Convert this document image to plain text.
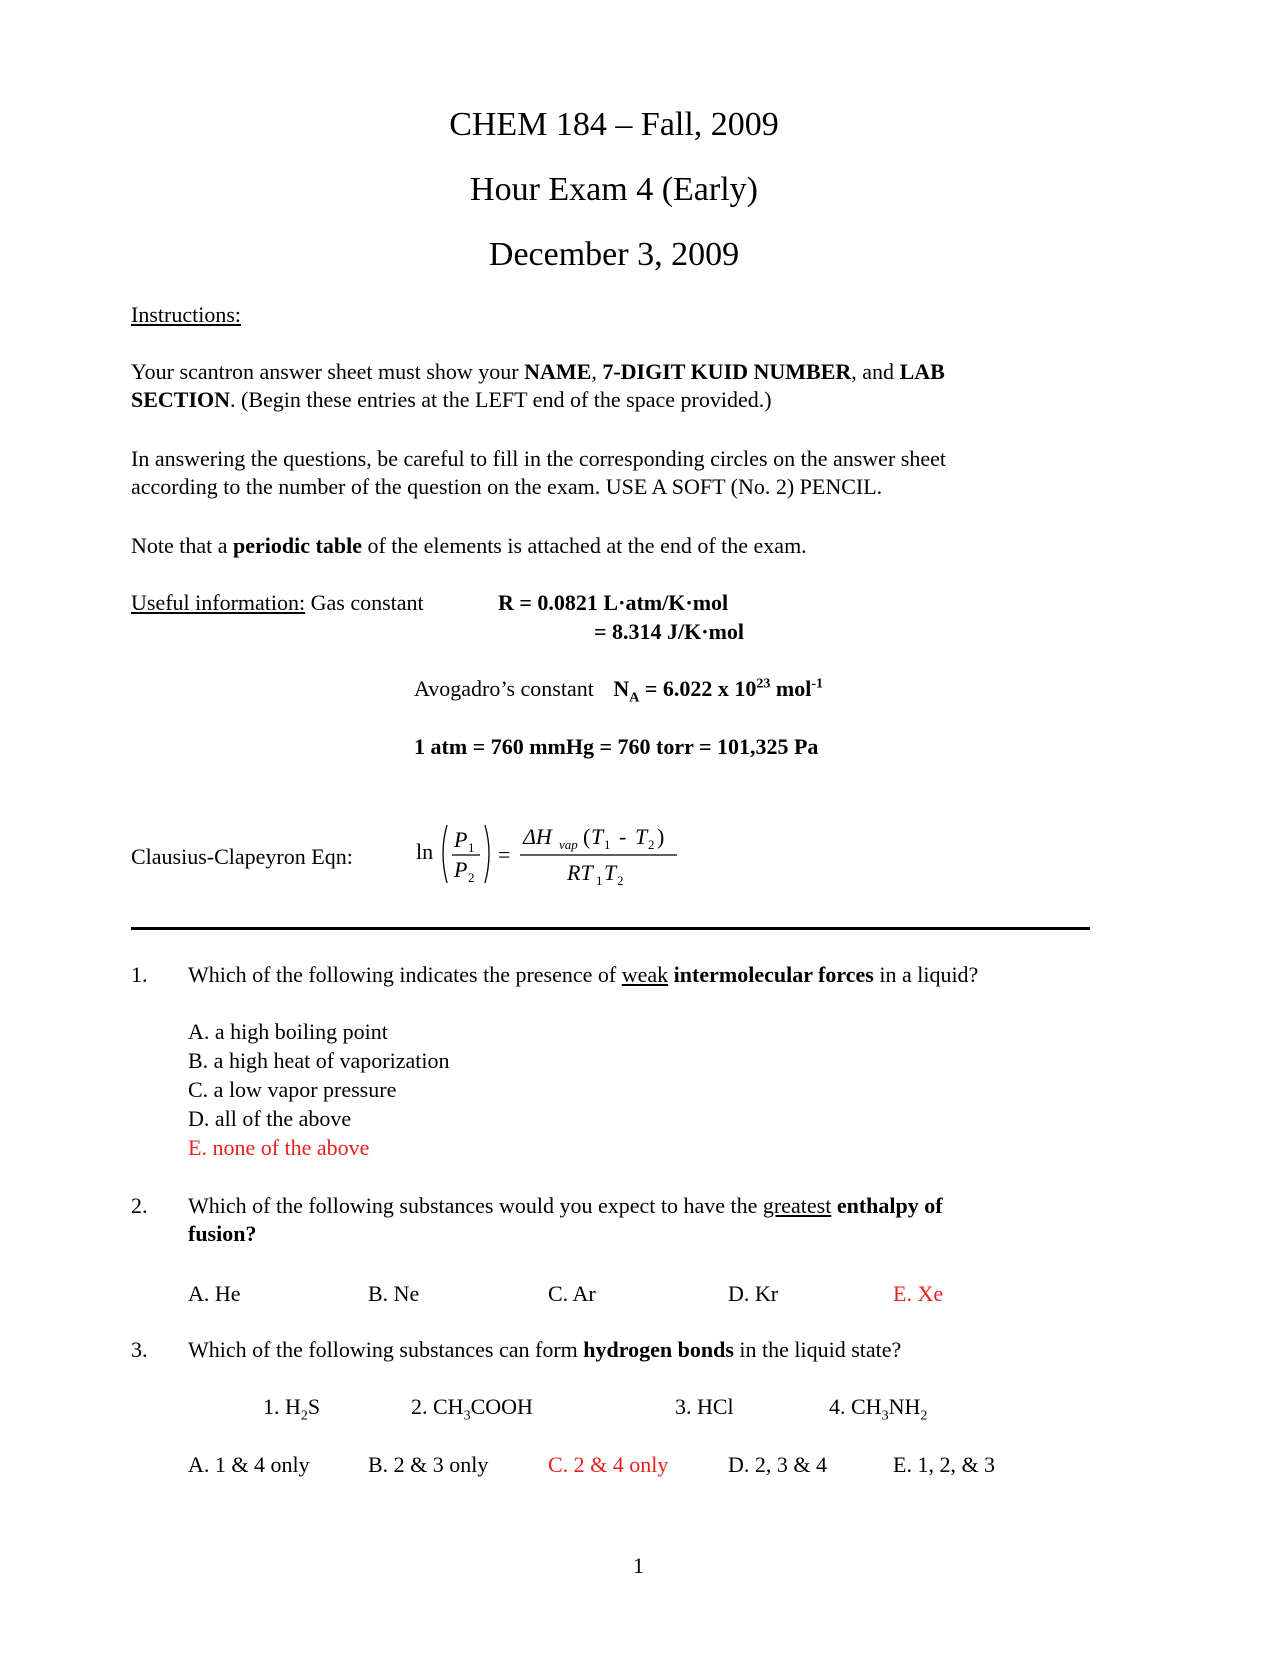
CHEM 184 – Fall, 2009
Hour Exam 4 (Early)
December 3, 2009
Instructions:
Your scantron answer sheet must show your NAME, 7-DIGIT KUID NUMBER, and LAB
SECTION. (Begin these entries at the LEFT end of the space provided.)
In answering the questions, be careful to fill in the corresponding circles on the answer sheet
according to the number of the question on the exam. USE A SOFT (No. 2) PENCIL.
Note that a periodic table of the elements is attached at the end of the exam.
Useful information: Gas constant	R = 0.0821 L·atm/K·mol
= 8.314 J/K·mol
Avogadro’s constant $N_A = 6.022$ x $10^{23}$ mol$^{-1}$
1 atm = 760 mmHg = 760 torr = 101,325 Pa
Clausius-Clapeyron Eqn:	ln P 1
P 2
=
ΔH vap ( T 1 - T 2 )
RT 1 T 2
1. Which of the following indicates the presence of weak intermolecular forces in a liquid?
A. a high boiling point
B. a high heat of vaporization
C. a low vapor pressure
D. all of the above
E. none of the above
2. Which of the following substances would you expect to have the greatest enthalpy of
fusion?
A. He	B. Ne	C. Ar	D. Kr	E. Xe
3. Which of the following substances can form hydrogen bonds in the liquid state?
1. $H_2S$	2. $CH_3COOH$	3. HCl	4. $CH_3NH_2$
A. 1 & 4 only	B. 2 & 3 only	C. 2 & 4 only	D. 2, 3 & 4	E. 1, 2, & 3
1
